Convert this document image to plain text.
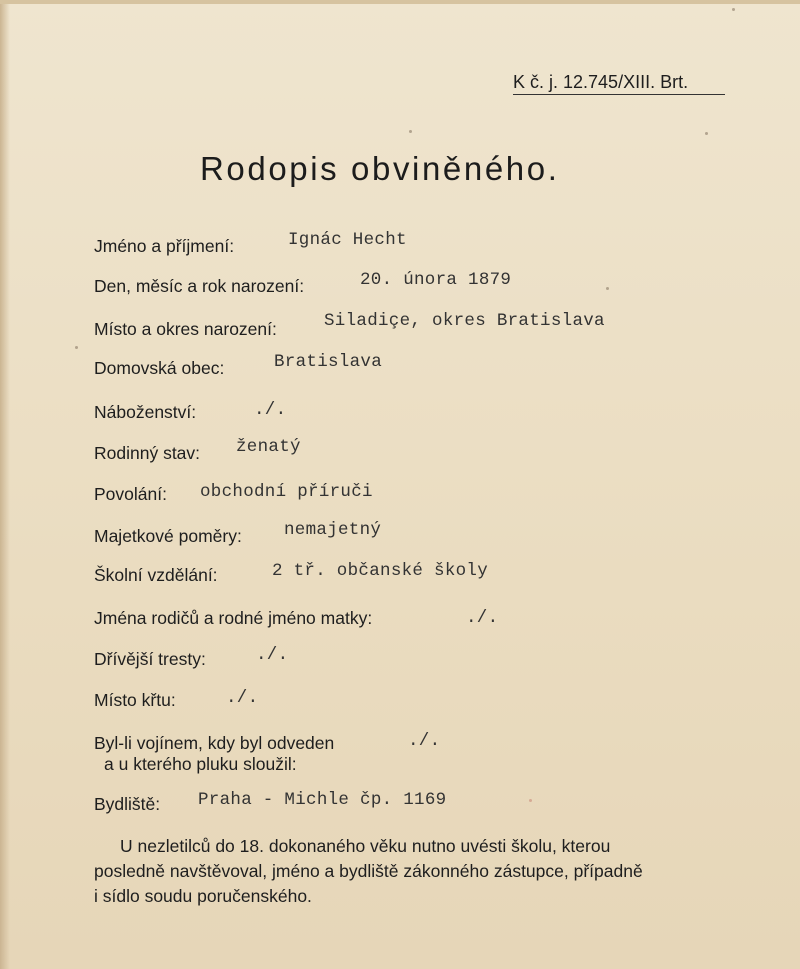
K č. j. 12.745/XIII. Brt.
Rodopis obviněného.
Jméno a příjmení:	Ignác Hecht
Den, měsíc a rok narození:	20. února 1879
Místo a okres narození:	Siladiçe, okres Bratislava
Domovská obec:	Bratislava
Náboženství:	./.
Rodinný stav: ženatý
Povolání: obchodní příruči
Majetkové poměry: nemajetný
Školní vzdělání:	2 tř. občanské školy
Jména rodičů a rodné jméno matky:	./.
Dřívější tresty:	./.
Místo křtu:	./.
Byl-li vojínem, kdy byl odveden
a u kterého pluku sloužil:
./.
Bydliště: Praha - Michle čp. 1169
U nezletilců do 18. dokonaného věku nutno uvésti školu, kterou
posledně navštěvoval, jméno a bydliště zákonného zástupce, případně
i sídlo soudu poručenského.
